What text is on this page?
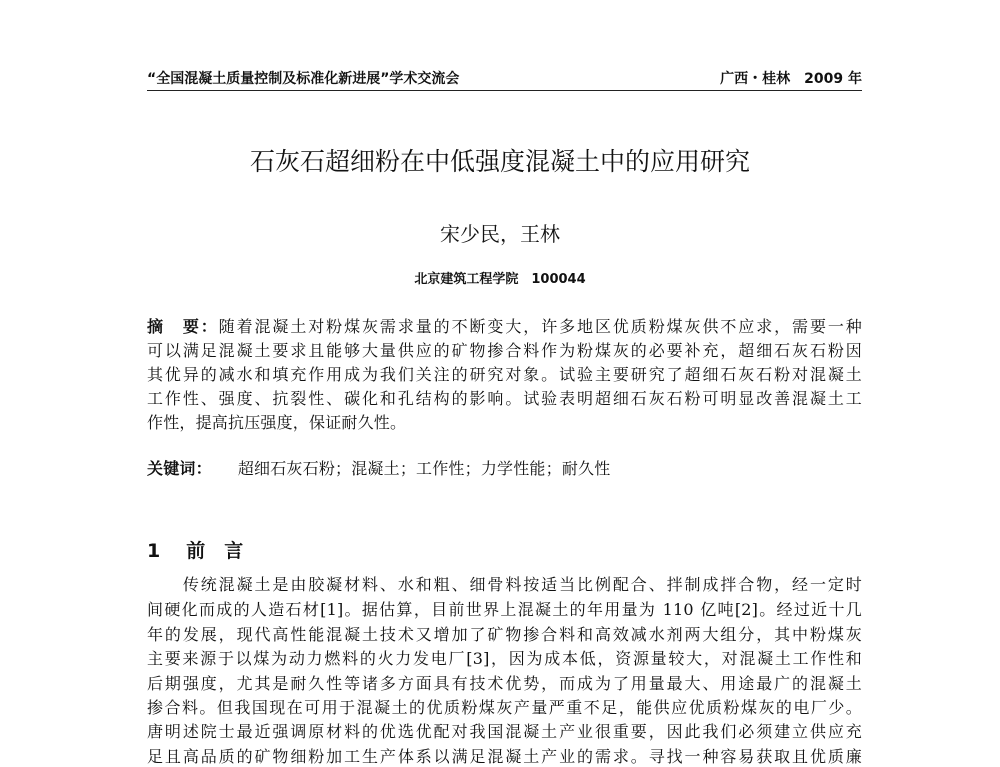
“全国混凝土质量控制及标准化新进展”学术交流会	广西・桂林　2009 年
石灰石超细粉在中低强度混凝土中的应用研究
宋少民，王林
北京建筑工程学院　100044
摘　要：随着混凝土对粉煤灰需求量的不断变大，许多地区优质粉煤灰供不应求，需要一种
可以满足混凝土要求且能够大量供应的矿物掺合料作为粉煤灰的必要补充，超细石灰石粉因
其优异的减水和填充作用成为我们关注的研究对象。试验主要研究了超细石灰石粉对混凝土
工作性、强度、抗裂性、碳化和孔结构的影响。试验表明超细石灰石粉可明显改善混凝土工
作性，提高抗压强度，保证耐久性。
关键词： 超细石灰石粉；混凝土；工作性；力学性能；耐久性
1 前　言
　　传统混凝土是由胶凝材料、水和粗、细骨料按适当比例配合、拌制成拌合物，经一定时
间硬化而成的人造石材[1]。据估算，目前世界上混凝土的年用量为 110 亿吨[2]。经过近十几
年的发展，现代高性能混凝土技术又增加了矿物掺合料和高效减水剂两大组分，其中粉煤灰
主要来源于以煤为动力燃料的火力发电厂[3]，因为成本低，资源量较大，对混凝土工作性和
后期强度，尤其是耐久性等诸多方面具有技术优势，而成为了用量最大、用途最广的混凝土
掺合料。但我国现在可用于混凝土的优质粉煤灰产量严重不足，能供应优质粉煤灰的电厂少。
唐明述院士最近强调原材料的优选优配对我国混凝土产业很重要，因此我们必须建立供应充
足且高品质的矿物细粉加工生产体系以满足混凝土产业的需求。寻找一种容易获取且优质廉
